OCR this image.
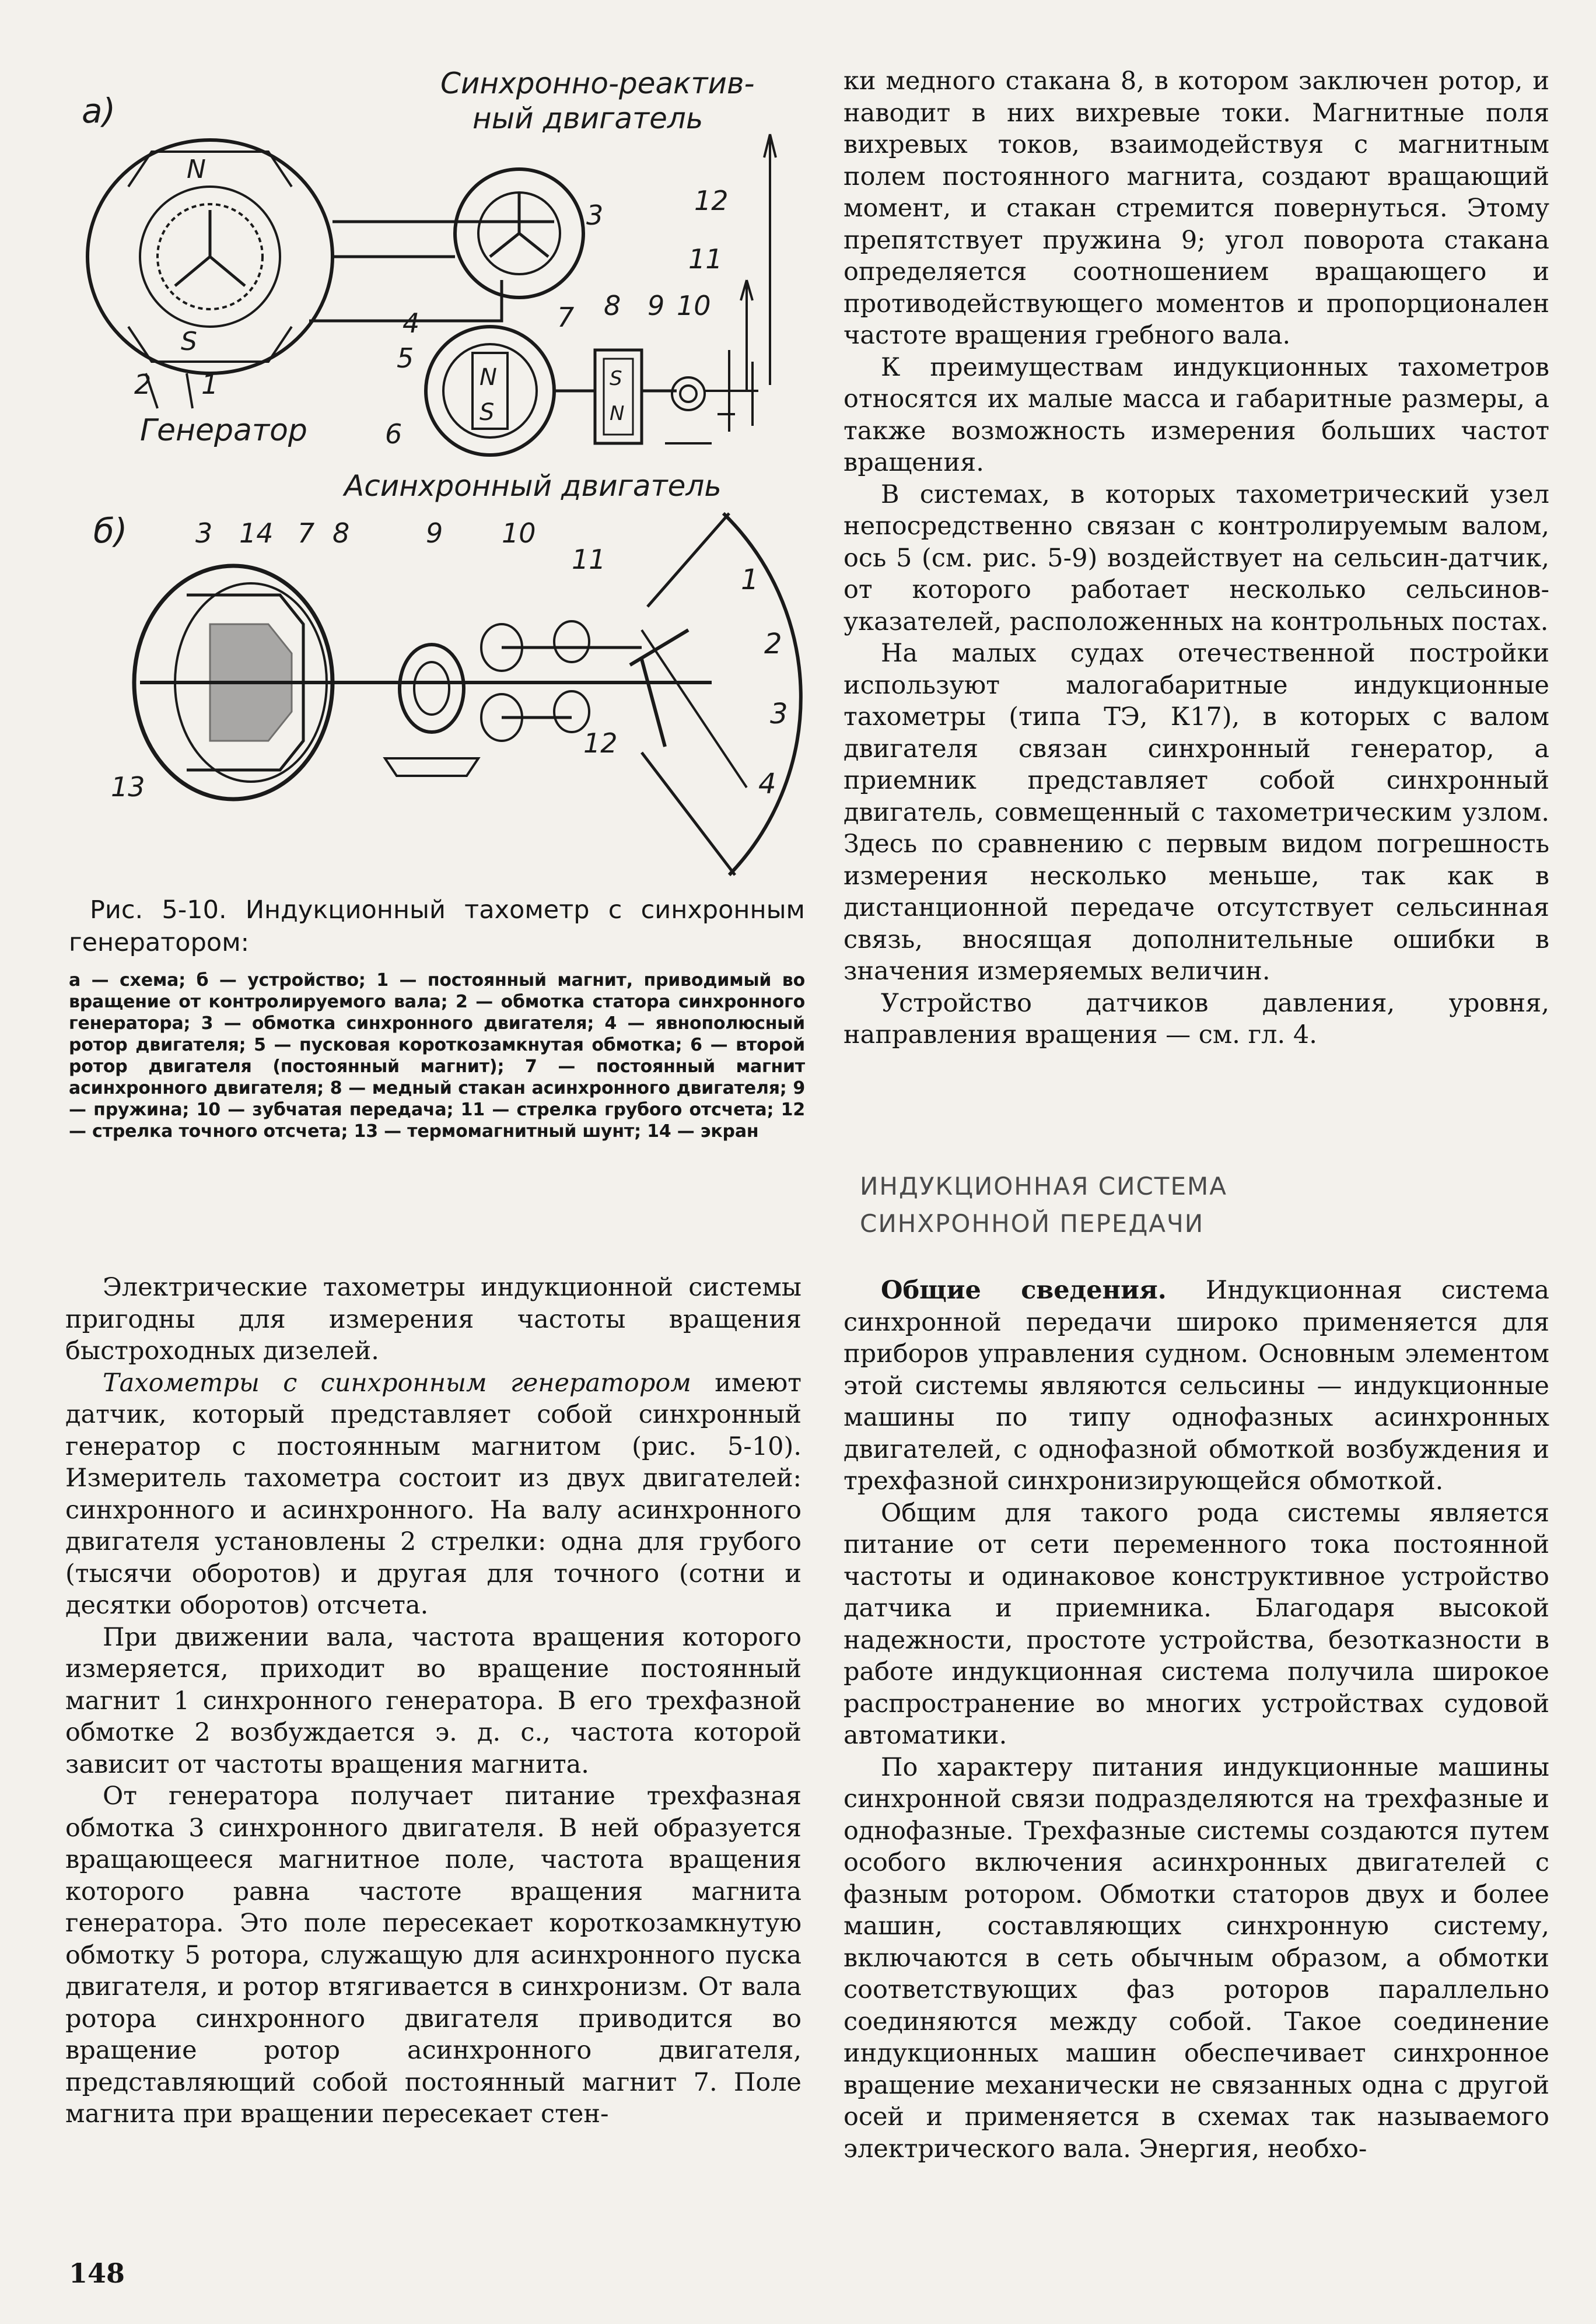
а)
Синхронно-реактив-
ный двигатель
N
S
N
S
S
N
3	12
11
4
5
7 8 9 10
2 1
6
Генератор
Асинхронный двигатель
б)	3 14 7 8	9 10
11
13
12
1
2
3
4

Рис. 5-10. Индукционный тахометр с синхронным генератором:

а — схема; б — устройство; 1 — постоянный магнит, приводимый во вращение от контролируемого вала; 2 — обмотка статора синхронного генератора; 3 — обмотка синхронного двигателя; 4 — явнополюсный ротор двигателя; 5 — пусковая короткозамкнутая обмотка; 6 — второй ротор двигателя (постоянный магнит); 7 — постоянный магнит асинхронного двигателя; 8 — медный стакан асинхронного двигателя; 9 — пружина; 10 — зубчатая передача; 11 — стрелка грубого отсчета; 12 — стрелка точного отсчета; 13 — термомагнитный шунт; 14 — экран

Электрические тахометры индукционной системы пригодны для измерения частоты вращения быстроходных дизелей.

Тахометры с синхронным генератором имеют датчик, который представляет собой синхронный генератор с постоянным магнитом (рис. 5-10). Измеритель тахометра состоит из двух двигателей: синхронного и асинхронного. На валу асинхронного двигателя установлены 2 стрелки: одна для грубого (тысячи оборотов) и другая для точного (сотни и десятки оборотов) отсчета.

При движении вала, частота вращения которого измеряется, приходит во вращение постоянный магнит 1 синхронного генератора. В его трехфазной обмотке 2 возбуждается э. д. с., частота которой зависит от частоты вращения магнита.

От генератора получает питание трехфазная обмотка 3 синхронного двигателя. В ней образуется вращающееся магнитное поле, частота вращения которого равна частоте вращения магнита генератора. Это поле пересекает короткозамкнутую обмотку 5 ротора, служащую для асинхронного пуска двигателя, и ротор втягивается в синхронизм. От вала ротора синхронного двигателя приводится во вращение ротор асинхронного двигателя, представляющий собой постоянный магнит 7. Поле магнита при вращении пересекает стен-

ки медного стакана 8, в котором заключен ротор, и наводит в них вихревые токи. Магнитные поля вихревых токов, взаимодействуя с магнитным полем постоянного магнита, создают вращающий момент, и стакан стремится повернуться. Этому препятствует пружина 9; угол поворота стакана определяется соотношением вращающего и противодействующего моментов и пропорционален частоте вращения гребного вала.

К преимуществам индукционных тахометров относятся их малые масса и габаритные размеры, а также возможность измерения больших частот вращения.

В системах, в которых тахометрический узел непосредственно связан с контролируемым валом, ось 5 (см. рис. 5-9) воздействует на сельсин-датчик, от которого работает несколько сельсинов-указателей, расположенных на контрольных постах.

На малых судах отечественной постройки используют малогабаритные индукционные тахометры (типа ТЭ, К17), в которых с валом двигателя связан синхронный генератор, а приемник представляет собой синхронный двигатель, совмещенный с тахометрическим узлом. Здесь по сравнению с первым видом погрешность измерения несколько меньше, так как в дистанционной передаче отсутствует сельсинная связь, вносящая дополнительные ошибки в значения измеряемых величин.

Устройство датчиков давления, уровня, направления вращения — см. гл. 4.

ИНДУКЦИОННАЯ СИСТЕМА
СИНХРОННОЙ ПЕРЕДАЧИ

Общие сведения. Индукционная система синхронной передачи широко применяется для приборов управления судном. Основным элементом этой системы являются сельсины — индукционные машины по типу однофазных асинхронных двигателей, с однофазной обмоткой возбуждения и трехфазной синхронизирующейся обмоткой.

Общим для такого рода системы является питание от сети переменного тока постоянной частоты и одинаковое конструктивное устройство датчика и приемника. Благодаря высокой надежности, простоте устройства, безотказности в работе индукционная система получила широкое распространение во многих устройствах судовой автоматики.

По характеру питания индукционные машины синхронной связи подразделяются на трехфазные и однофазные. Трехфазные системы создаются путем особого включения асинхронных двигателей с фазным ротором. Обмотки статоров двух и более машин, составляющих синхронную систему, включаются в сеть обычным образом, а обмотки соответствующих фаз роторов параллельно соединяются между собой. Такое соединение индукционных машин обеспечивает синхронное вращение механически не связанных одна с другой осей и применяется в схемах так называемого электрического вала. Энергия, необхо-

148
